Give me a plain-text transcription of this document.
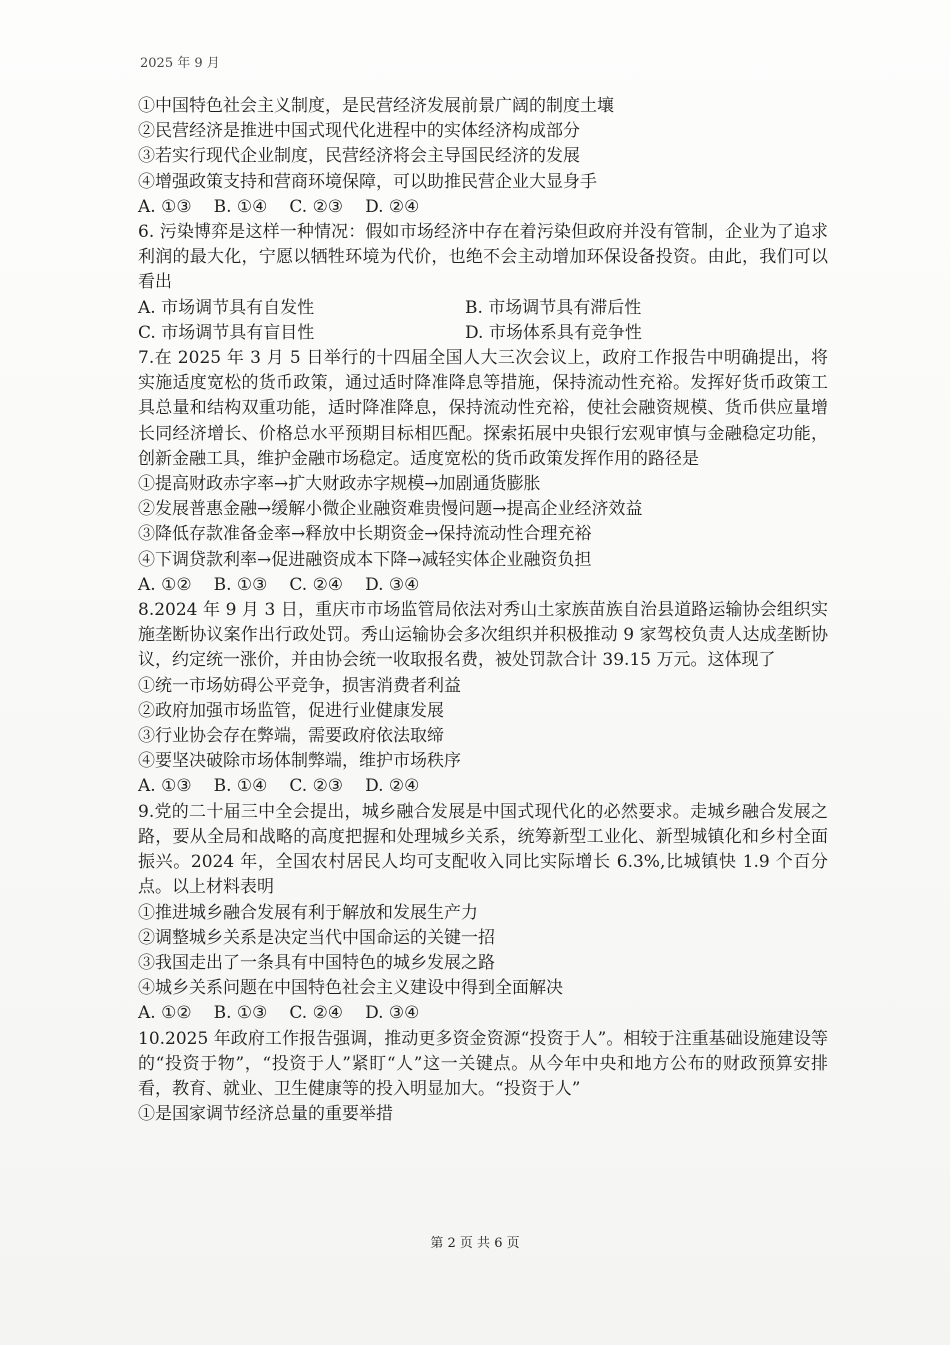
2025 年 9 月
①中国特色社会主义制度，是民营经济发展前景广阔的制度土壤
②民营经济是推进中国式现代化进程中的实体经济构成部分
③若实行现代企业制度，民营经济将会主导国民经济的发展
④增强政策支持和营商环境保障，可以助推民营企业大显身手
A. ①③ B. ①④ C. ②③ D. ②④
6. 污染博弈是这样一种情况：假如市场经济中存在着污染但政府并没有管制，企业为了追求利润的最大化，宁愿以牺牲环境为代价，也绝不会主动增加环保设备投资。由此，我们可以看出
A. 市场调节具有自发性	B. 市场调节具有滞后性
C. 市场调节具有盲目性	D. 市场体系具有竞争性
7.在 2025 年 3 月 5 日举行的十四届全国人大三次会议上，政府工作报告中明确提出，将实施适度宽松的货币政策，通过适时降准降息等措施，保持流动性充裕。发挥好货币政策工具总量和结构双重功能，适时降准降息，保持流动性充裕，使社会融资规模、货币供应量增长同经济增长、价格总水平预期目标相匹配。探索拓展中央银行宏观审慎与金融稳定功能，创新金融工具，维护金融市场稳定。适度宽松的货币政策发挥作用的路径是
①提高财政赤字率→扩大财政赤字规模→加剧通货膨胀
②发展普惠金融→缓解小微企业融资难贵慢问题→提高企业经济效益
③降低存款准备金率→释放中长期资金→保持流动性合理充裕
④下调贷款利率→促进融资成本下降→减轻实体企业融资负担
A. ①② B. ①③ C. ②④ D. ③④
8.2024 年 9 月 3 日，重庆市市场监管局依法对秀山土家族苗族自治县道路运输协会组织实施垄断协议案作出行政处罚。秀山运输协会多次组织并积极推动 9 家驾校负责人达成垄断协议，约定统一涨价，并由协会统一收取报名费，被处罚款合计 39.15 万元。这体现了
①统一市场妨碍公平竞争，损害消费者利益
②政府加强市场监管，促进行业健康发展
③行业协会存在弊端，需要政府依法取缔
④要坚决破除市场体制弊端，维护市场秩序
A. ①③ B. ①④ C. ②③ D. ②④
9.党的二十届三中全会提出，城乡融合发展是中国式现代化的必然要求。走城乡融合发展之路，要从全局和战略的高度把握和处理城乡关系，统筹新型工业化、新型城镇化和乡村全面振兴。2024 年，全国农村居民人均可支配收入同比实际增长 6.3%,比城镇快 1.9 个百分点。以上材料表明
①推进城乡融合发展有利于解放和发展生产力
②调整城乡关系是决定当代中国命运的关键一招
③我国走出了一条具有中国特色的城乡发展之路
④城乡关系问题在中国特色社会主义建设中得到全面解决
A. ①② B. ①③ C. ②④ D. ③④
10.2025 年政府工作报告强调，推动更多资金资源“投资于人”。相较于注重基础设施建设等的“投资于物”，“投资于人”紧盯“人”这一关键点。从今年中央和地方公布的财政预算安排看，教育、就业、卫生健康等的投入明显加大。“投资于人”
①是国家调节经济总量的重要举措
第 2 页 共 6 页
